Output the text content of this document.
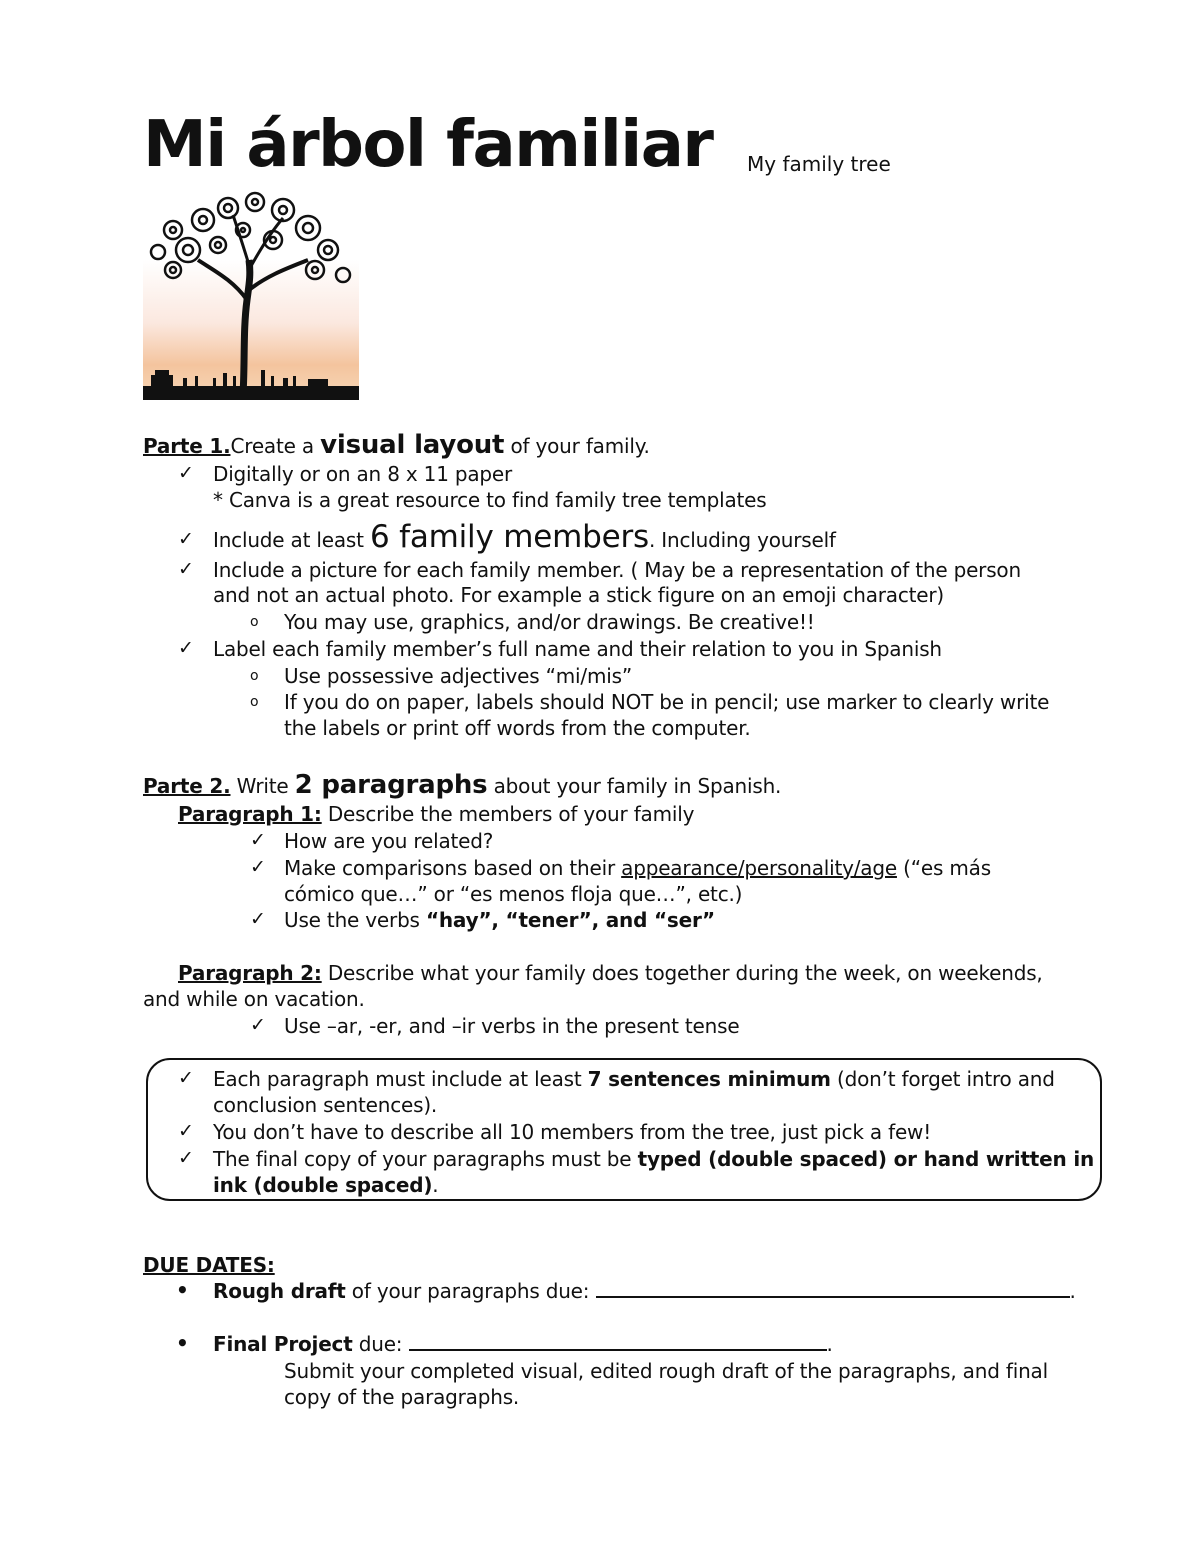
Mi árbol familiar My family tree
Parte 1.Create a visual layout of your family.
✓ Digitally or on an 8 x 11 paper
* Canva is a great resource to find family tree templates
✓ Include at least 6 family members. Including yourself
✓ Include a picture for each family member. ( May be a representation of the person
and not an actual photo. For example a stick figure on an emoji character)
o You may use, graphics, and/or drawings. Be creative!!
✓ Label each family member’s full name and their relation to you in Spanish
o Use possessive adjectives “mi/mis”
o If you do on paper, labels should NOT be in pencil; use marker to clearly write
the labels or print off words from the computer.
Parte 2. Write 2 paragraphs about your family in Spanish.
Paragraph 1: Describe the members of your family
✓ How are you related?
✓ Make comparisons based on their appearance/personality/age (“es más
cómico que…” or “es menos floja que…”, etc.)
✓ Use the verbs “hay”, “tener”, and “ser”
Paragraph 2: Describe what your family does together during the week, on weekends,
and while on vacation.
✓ Use –ar, -er, and –ir verbs in the present tense
✓ Each paragraph must include at least 7 sentences minimum (don’t forget intro and
conclusion sentences).
✓ You don’t have to describe all 10 members from the tree, just pick a few!
✓ The final copy of your paragraphs must be typed (double spaced) or hand written in
ink (double spaced).
DUE DATES:
• Rough draft of your paragraphs due:	.
• Final Project due:	.
Submit your completed visual, edited rough draft of the paragraphs, and final
copy of the paragraphs.
